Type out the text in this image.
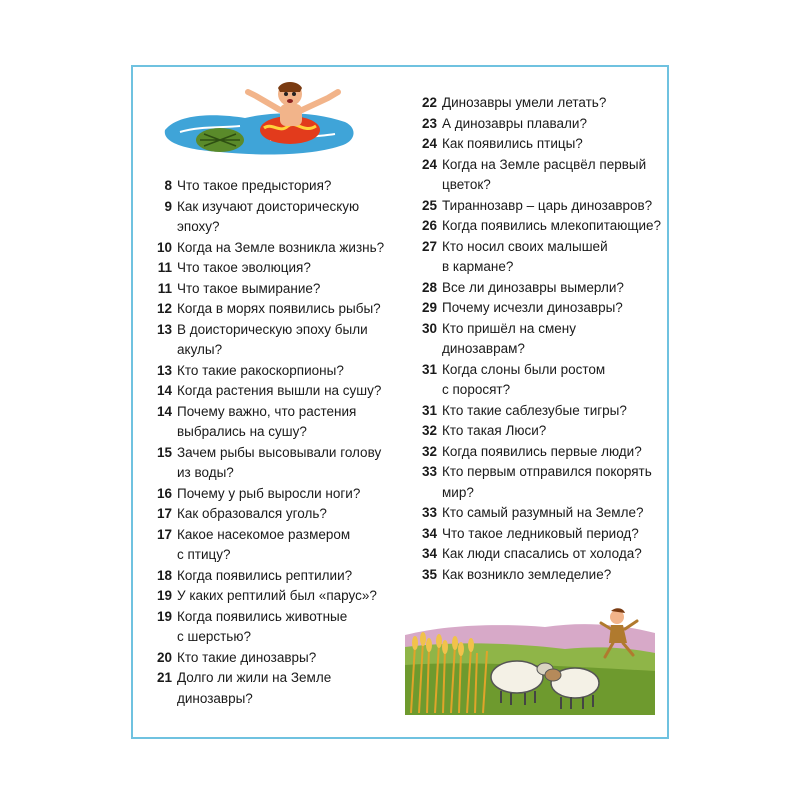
8 Что такое предыстория?
9 Как изучают доисторическую
эпоху?
10 Когда на Земле возникла жизнь?
11 Что такое эволюция?
11 Что такое вымирание?
12 Когда в морях появились рыбы?
13 В доисторическую эпоху были
акулы?
13 Кто такие ракоскорпионы?
14 Когда растения вышли на сушу?
14 Почему важно, что растения
выбрались на сушу?
15 Зачем рыбы высовывали голову
из воды?
16 Почему у рыб выросли ноги?
17 Как образовался уголь?
17 Какое насекомое размером
с птицу?
18 Когда появились рептилии?
19 У каких рептилий был «парус»?
19 Когда появились животные
с шерстью?
20 Кто такие динозавры?
21 Долго ли жили на Земле
динозавры?
22 Динозавры умели летать?
23 А динозавры плавали?
24 Как появились птицы?
24 Когда на Земле расцвёл первый
цветок?
25 Тираннозавр – царь динозавров?
26 Когда появились млекопитающие?
27 Кто носил своих малышей
в кармане?
28 Все ли динозавры вымерли?
29 Почему исчезли динозавры?
30 Кто пришёл на смену
динозаврам?
31 Когда слоны были ростом
с поросят?
31 Кто такие саблезубые тигры?
32 Кто такая Люси?
32 Когда появились первые люди?
33 Кто первым отправился покорять
мир?
33 Кто самый разумный на Земле?
34 Что такое ледниковый период?
34 Как люди спасались от холода?
35 Как возникло земледелие?
